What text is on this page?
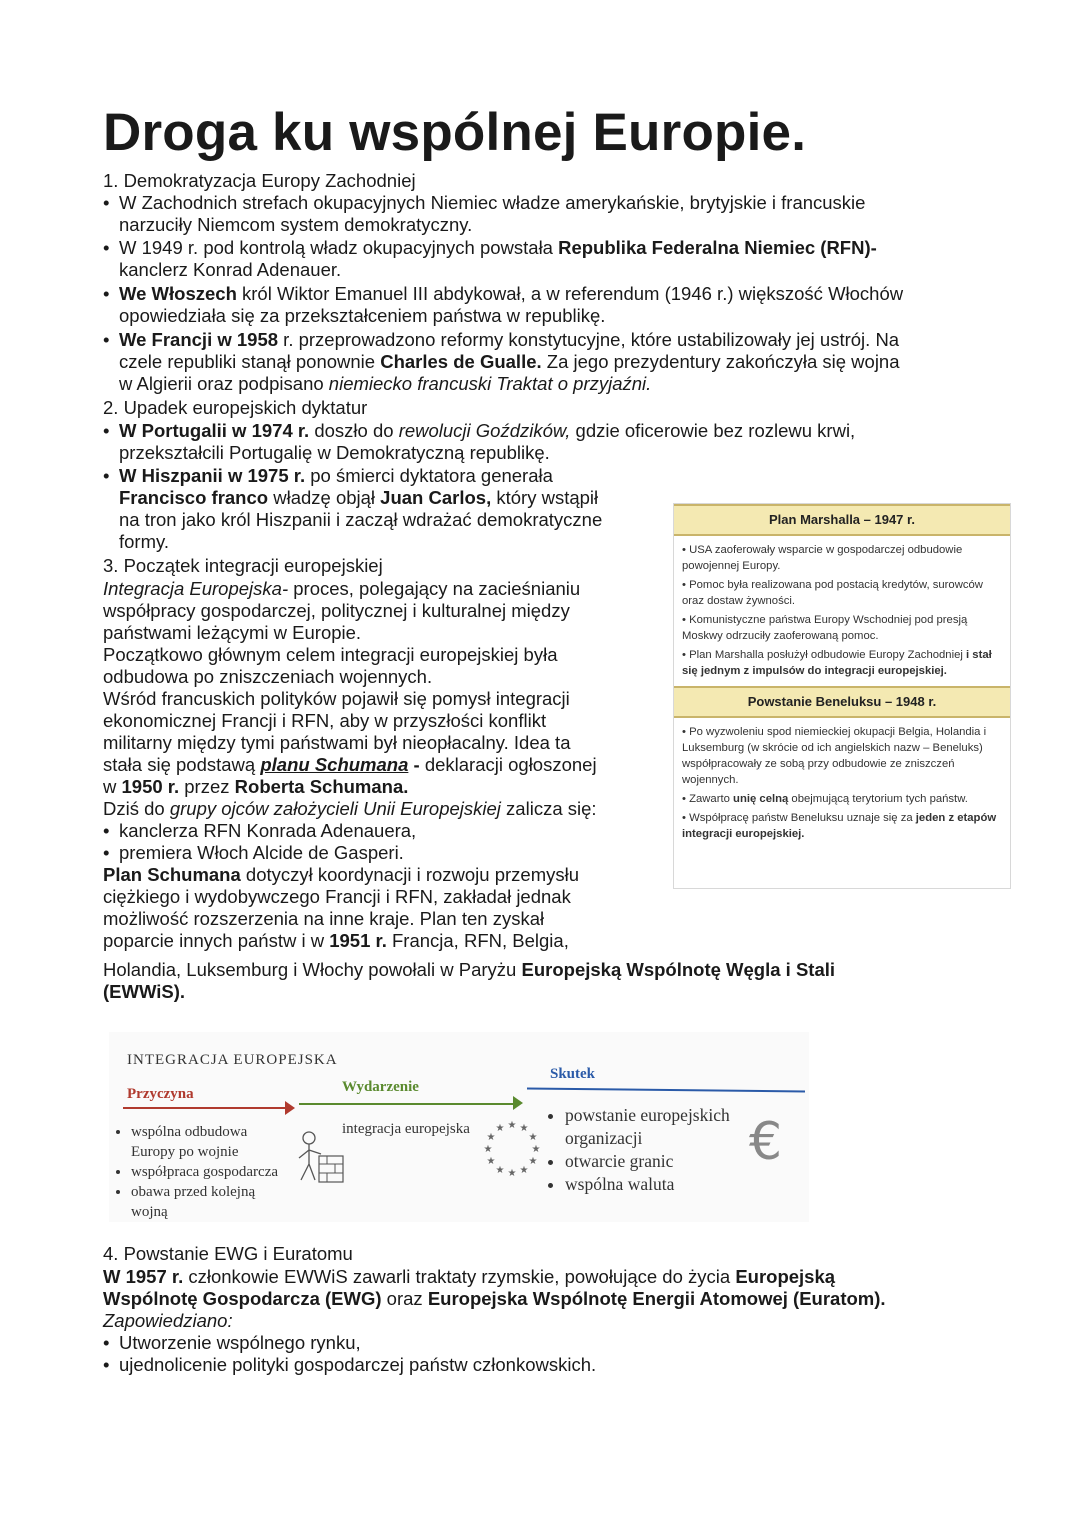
Droga ku wspólnej Europie.
1. Demokratyzacja Europy Zachodniej
• W Zachodnich strefach okupacyjnych Niemiec władze amerykańskie, brytyjskie i francuskie
narzuciły Niemcom system demokratyczny.
• W 1949 r. pod kontrolą władz okupacyjnych powstała Republika Federalna Niemiec (RFN)-
kanclerz Konrad Adenauer.
• We Włoszech król Wiktor Emanuel III abdykował, a w referendum (1946 r.) większość Włochów
opowiedziała się za przekształceniem państwa w republikę.
• We Francji w 1958 r. przeprowadzono reformy konstytucyjne, które ustabilizowały jej ustrój. Na
czele republiki stanął ponownie Charles de Gualle. Za jego prezydentury zakończyła się wojna
w Algierii oraz podpisano niemiecko francuski Traktat o przyjaźni.
2. Upadek europejskich dyktatur
• W Portugalii w 1974 r. doszło do rewolucji Goździków, gdzie oficerowie bez rozlewu krwi,
przekształcili Portugalię w Demokratyczną republikę.
• W Hiszpanii w 1975 r. po śmierci dyktatora generała
Francisco franco władzę objął Juan Carlos, który wstąpił
na tron jako król Hiszpanii i zaczął wdrażać demokratyczne
formy.
3. Początek integracji europejskiej
Integracja Europejska- proces, polegający na zacieśnianiu
współpracy gospodarczej, politycznej i kulturalnej między
państwami leżącymi w Europie.
Początkowo głównym celem integracji europejskiej była
odbudowa po zniszczeniach wojennych.
Wśród francuskich polityków pojawił się pomysł integracji
ekonomicznej Francji i RFN, aby w przyszłości konflikt
militarny między tymi państwami był nieopłacalny. Idea ta
stała się podstawą planu Schumana - deklaracji ogłoszonej
w 1950 r. przez Roberta Schumana.
Dziś do grupy ojców założycieli Unii Europejskiej zalicza się:
• kanclerza RFN Konrada Adenauera,
• premiera Włoch Alcide de Gasperi.
Plan Schumana dotyczył koordynacji i rozwoju przemysłu
ciężkiego i wydobywczego Francji i RFN, zakładał jednak
możliwość rozszerzenia na inne kraje. Plan ten zyskał
poparcie innych państw i w 1951 r. Francja, RFN, Belgia,
Holandia, Luksemburg i Włochy powołali w Paryżu Europejską Wspólnotę Węgla i Stali
(EWWiS).
Plan Marshalla – 1947 r.
• USA zaoferowały wsparcie w gospodarczej odbudowie powojennej Europy.
• Pomoc była realizowana pod postacią kredytów, surowców oraz dostaw żywności.
• Komunistyczne państwa Europy Wschodniej pod presją Moskwy odrzuciły zaoferowaną pomoc.
• Plan Marshalla posłużył odbudowie Europy Zachodniej i stał się jednym z impulsów do integracji europejskiej.
Powstanie Beneluksu – 1948 r.
• Po wyzwoleniu spod niemieckiej okupacji Belgia, Holandia i Luksemburg (w skrócie od ich angielskich nazw – Beneluks) współpracowały ze sobą przy odbudowie ze zniszczeń wojennych.
• Zawarto unię celną obejmującą terytorium tych państw.
• Współpracę państw Beneluksu uznaje się za jeden z etapów integracji europejskiej.
INTEGRACJA EUROPEJSKA
Przyczyna	Wydarzenie
Skutek
• wspólna odbudowa Europy po wojnie
• współpraca gospodarcza
• obawa przed kolejną wojną
integracja europejska	★ ★
★
★
★
★
★
★
★
★
★
★
• powstanie europejskich organizacji
• otwarcie granic
• wspólna waluta
€
4. Powstanie EWG i Euratomu
W 1957 r. członkowie EWWiS zawarli traktaty rzymskie, powołujące do życia Europejską
Wspólnotę Gospodarcza (EWG) oraz Europejska Wspólnotę Energii Atomowej (Euratom).
Zapowiedziano:
• Utworzenie wspólnego rynku,
• ujednolicenie polityki gospodarczej państw członkowskich.
